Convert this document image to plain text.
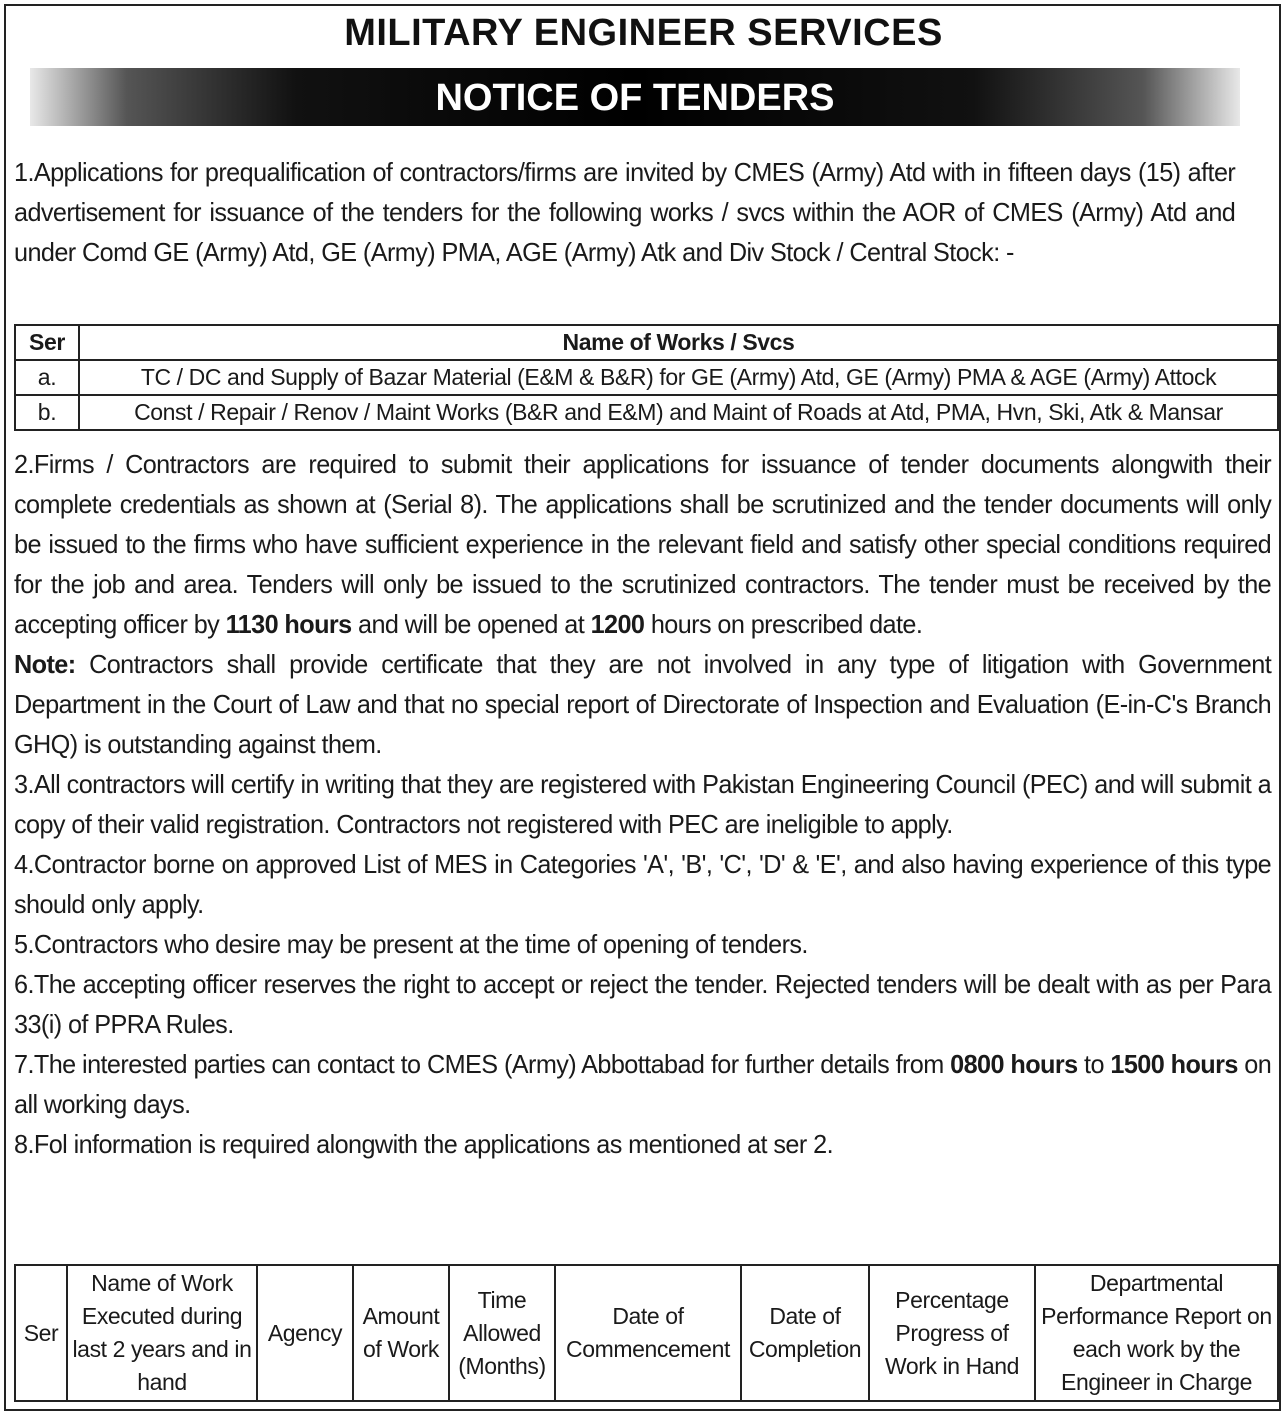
MILITARY ENGINEER SERVICES
NOTICE OF TENDERS

1.Applications for prequalification of contractors/firms are invited by CMES (Army) Atd with in fifteen days (15) after advertisement for issuance of the tenders for the following works / svcs within the AOR of CMES (Army) Atd and under Comd GE (Army) Atd, GE (Army) PMA, AGE (Army) Atk and Div Stock / Central Stock: -

Ser	Name of Works / Svcs
a.	TC / DC and Supply of Bazar Material (E&M & B&R) for GE (Army) Atd, GE (Army) PMA & AGE (Army) Attock
b.	Const / Repair / Renov / Maint Works (B&R and E&M) and Maint of Roads at Atd, PMA, Hvn, Ski, Atk & Mansar

2.Firms / Contractors are required to submit their applications for issuance of tender documents alongwith their complete credentials as shown at (Serial 8). The applications shall be scrutinized and the tender documents will only be issued to the firms who have sufficient experience in the relevant field and satisfy other special conditions required for the job and area. Tenders will only be issued to the scrutinized contractors. The tender must be received by the accepting officer by 1130 hours and will be opened at 1200 hours on prescribed date.

Note: Contractors shall provide certificate that they are not involved in any type of litigation with Government Department in the Court of Law and that no special report of Directorate of Inspection and Evaluation (E-in-C's Branch GHQ) is outstanding against them.

3.All contractors will certify in writing that they are registered with Pakistan Engineering Council (PEC) and will submit a copy of their valid registration. Contractors not registered with PEC are ineligible to apply.

4.Contractor borne on approved List of MES in Categories 'A', 'B', 'C', 'D' & 'E', and also having experience of this type should only apply.

5.Contractors who desire may be present at the time of opening of tenders.

6.The accepting officer reserves the right to accept or reject the tender. Rejected tenders will be dealt with as per Para 33(i) of PPRA Rules.

7.The interested parties can contact to CMES (Army) Abbottabad for further details from 0800 hours to 1500 hours on all working days.

8.Fol information is required alongwith the applications as mentioned at ser 2.

Ser	Name of Work Executed during last 2 years and in hand	Agency	Amount of Work	Time Allowed (Months)	Date of Commencement	Date of Completion	Percentage Progress of Work in Hand	Departmental Performance Report on each work by the Engineer in Charge
